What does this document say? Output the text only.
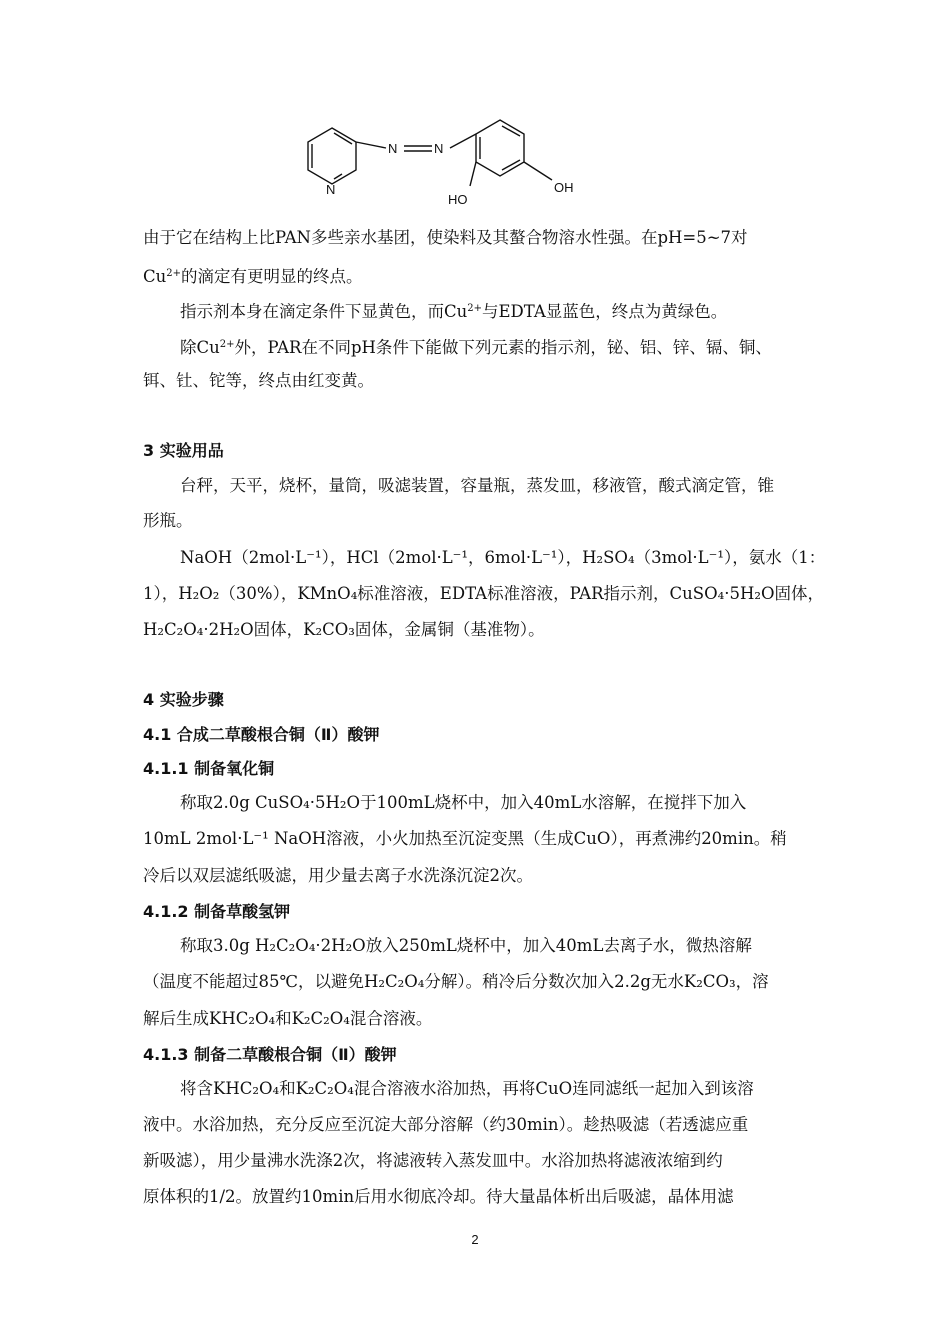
N
N	N
HO
OH
由于它在结构上比PAN多些亲水基团，使染料及其螯合物溶水性强。在pH=5~7对
$Cu^{2+}$的滴定有更明显的终点。
指示剂本身在滴定条件下显黄色，而$Cu^{2+}$与EDTA显蓝色，终点为黄绿色。
除$Cu^{2+}$外，PAR在不同pH条件下能做下列元素的指示剂，铋、铝、锌、镉、铜、
铒、钍、铊等，终点由红变黄。
3 实验用品
台秤，天平，烧杯，量筒，吸滤装置，容量瓶，蒸发皿，移液管，酸式滴定管，锥
形瓶。
NaOH（2mol·L⁻¹），HCl（2mol·L⁻¹，6mol·L⁻¹），H₂SO₄（3mol·L⁻¹），氨水（1：
1），H₂O₂（30%），KMnO₄标准溶液，EDTA标准溶液，PAR指示剂，CuSO₄·5H₂O固体，
H₂C₂O₄·2H₂O固体，K₂CO₃固体，金属铜（基准物）。
4 实验步骤
4.1 合成二草酸根合铜（Ⅱ）酸钾
4.1.1 制备氧化铜
称取2.0g CuSO₄·5H₂O于100mL烧杯中，加入40mL水溶解，在搅拌下加入
10mL 2mol·L⁻¹ NaOH溶液，小火加热至沉淀变黑（生成CuO），再煮沸约20min。稍
冷后以双层滤纸吸滤，用少量去离子水洗涤沉淀2次。
4.1.2 制备草酸氢钾
称取3.0g H₂C₂O₄·2H₂O放入250mL烧杯中，加入40mL去离子水，微热溶解
（温度不能超过85℃，以避免H₂C₂O₄分解）。稍冷后分数次加入2.2g无水K₂CO₃，溶
解后生成KHC₂O₄和K₂C₂O₄混合溶液。
4.1.3 制备二草酸根合铜（Ⅱ）酸钾
将含KHC₂O₄和K₂C₂O₄混合溶液水浴加热，再将CuO连同滤纸一起加入到该溶
液中。水浴加热，充分反应至沉淀大部分溶解（约30min）。趁热吸滤（若透滤应重
新吸滤），用少量沸水洗涤2次，将滤液转入蒸发皿中。水浴加热将滤液浓缩到约
原体积的1/2。放置约10min后用水彻底冷却。待大量晶体析出后吸滤，晶体用滤
2
